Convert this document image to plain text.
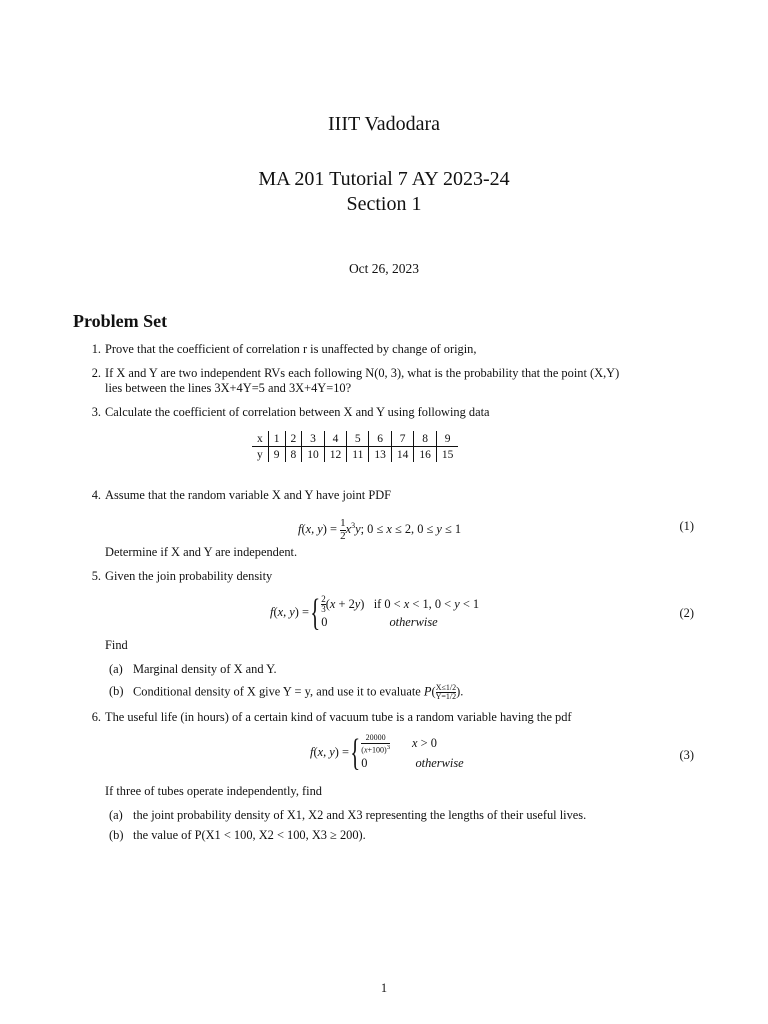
IIIT Vadodara
MA 201 Tutorial 7 AY 2023-24
Section 1
Oct 26, 2023
Problem Set
1. Prove that the coefficient of correlation r is unaffected by change of origin,
2. If X and Y are two independent RVs each following N(0, 3), what is the probability that the point (X,Y)
lies between the lines 3X+4Y=5 and 3X+4Y=10?
3. Calculate the coefficient of correlation between X and Y using following data
x	1	2	3	4	5	6	7	8	9
y	9	8	10	12	11	13	14	16	15
4. Assume that the random variable X and Y have joint PDF
f(x, $y) = \frac{1}{2} x^3y$; 0 ≤ x ≤ 2, 0 ≤ y ≤ 1	(1)
Determine if X and Y are independent.
5. Given the join probability density
f(x, y) ={ $\frac{2}{3} (x + 2y)$   if 0 < x < 1, 0 < y < 1
0	otherwise
(2)
Find
(a) Marginal density of X and Y.
(b) Conditional density of X give Y = y, and use it to evaluate $P( \frac{X\le 1/2}{Y=1/2}$ ).
6. The useful life (in hours) of a certain kind of vacuum tube is a random variable having the pdf
f(x, y) ={ $\frac{20000}{(x+100)^3}$ x > 0
0	otherwise
(3)
If three of tubes operate independently, find
(a) the joint probability density of X1, X2 and X3 representing the lengths of their useful lives.
(b) the value of P(X1 < 100, X2 < 100, X3 ≥ 200).
1
